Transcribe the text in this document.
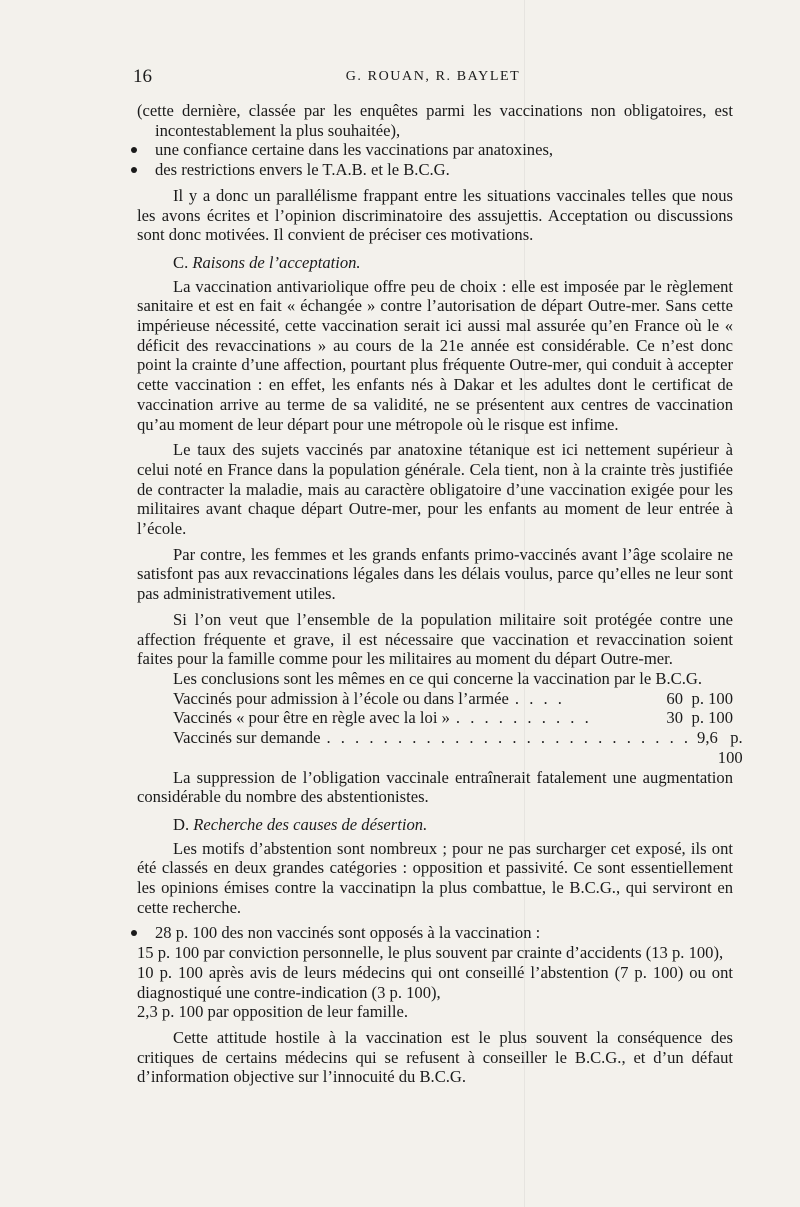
16	G. ROUAN, R. BAYLET

(cette dernière, classée par les enquêtes parmi les vaccinations non obligatoires, est incontestablement la plus souhaitée),

une confiance certaine dans les vaccinations par anatoxines,

des restrictions envers le T.A.B. et le B.C.G.

Il y a donc un parallélisme frappant entre les situations vaccinales telles que nous les avons écrites et l’opinion discriminatoire des assujettis. Acceptation ou discussions sont donc motivées. Il convient de préciser ces motivations.

C. Raisons de l’acceptation.

La vaccination antivariolique offre peu de choix : elle est imposée par le règlement sanitaire et est en fait « échangée » contre l’autorisation de départ Outre-mer. Sans cette impérieuse nécessité, cette vaccination serait ici aussi mal assurée qu’en France où le « déficit des revaccinations » au cours de la 21e année est considérable. Ce n’est donc point la crainte d’une affection, pourtant plus fréquente Outre-mer, qui conduit à accepter cette vaccination : en effet, les enfants nés à Dakar et les adultes dont le certificat de vaccination arrive au terme de sa validité, ne se présentent aux centres de vaccination qu’au moment de leur départ pour une métropole où le risque est infime.

Le taux des sujets vaccinés par anatoxine tétanique est ici nettement supérieur à celui noté en France dans la population générale. Cela tient, non à la crainte très justifiée de contracter la maladie, mais au caractère obligatoire d’une vaccination exigée pour les militaires avant chaque départ Outre-mer, pour les enfants au moment de leur entrée à l’école.

Par contre, les femmes et les grands enfants primo-vaccinés avant l’âge scolaire ne satisfont pas aux revaccinations légales dans les délais voulus, parce qu’elles ne leur sont pas administrativement utiles.

Si l’on veut que l’ensemble de la population militaire soit protégée contre une affection fréquente et grave, il est nécessaire que vaccination et revaccination soient faites pour la famille comme pour les militaires au moment du départ Outre-mer.

Les conclusions sont les mêmes en ce qui concerne la vaccination par le B.C.G.

Vaccinés pour admission à l’école ou dans l’armée . . . .	60 p. 100
Vaccinés « pour être en règle avec la loi » . . . . . . . . . .	30 p. 100
Vaccinés sur demande . . . . . . . . . . . . . . . . . . . . . . . . . . 9,6 p. 100

La suppression de l’obligation vaccinale entraînerait fatalement une augmentation considérable du nombre des abstentionistes.

D. Recherche des causes de désertion.

Les motifs d’abstention sont nombreux ; pour ne pas surcharger cet exposé, ils ont été classés en deux grandes catégories : opposition et passivité. Ce sont essentiellement les opinions émises contre la vaccinatipn la plus combattue, le B.C.G., qui serviront en cette recherche.

28 p. 100 des non vaccinés sont opposés à la vaccination :

15 p. 100 par conviction personnelle, le plus souvent par crainte d’accidents (13 p. 100),

10 p. 100 après avis de leurs médecins qui ont conseillé l’abstention (7 p. 100) ou ont diagnostiqué une contre-indication (3 p. 100),

2,3 p. 100 par opposition de leur famille.

Cette attitude hostile à la vaccination est le plus souvent la conséquence des critiques de certains médecins qui se refusent à conseiller le B.C.G., et d’un défaut d’information objective sur l’innocuité du B.C.G.
